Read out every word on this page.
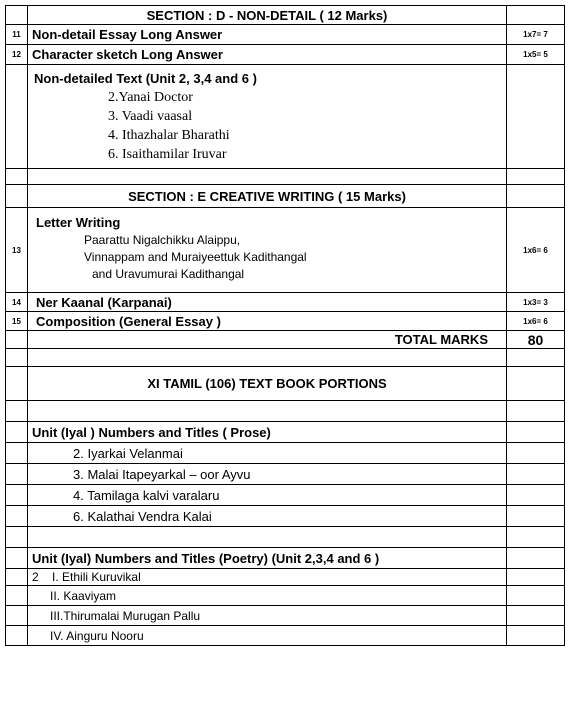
	SECTION : D - NON-DETAIL ( 12 Marks)	
11	Non-detail Essay Long Answer	1x7= 7
12	Character sketch Long Answer	1x5= 5

	Non-detailed Text (Unit 2, 3,4 and 6 )
2.Yanai Doctor
3. Vaadi vaasal
4. Ithazhalar Bharathi
6. Isaithamilar Iruvar	

	SECTION : E CREATIVE WRITING ( 15 Marks)	
13	Letter Writing
Paarattu Nigalchikku Alaippu,
Vinnappam and Muraiyeettuk Kadithangal
and Uravumurai Kadithangal	1x6= 6
14	Ner Kaanal (Karpanai)	1x3= 3
15	Composition (General Essay )	1x6= 6
	TOTAL MARKS	80

	XI TAMIL (106) TEXT BOOK PORTIONS	

	Unit (Iyal ) Numbers and Titles ( Prose)	
	2. Iyarkai Velanmai	
	3. Malai Itapeyarkal – oor Ayvu	
	4. Tamilaga kalvi varalaru	
	6. Kalathai Vendra Kalai	

	Unit (Iyal) Numbers and Titles (Poetry) (Unit 2,3,4 and 6 )	
	2 I. Ethili Kuruvikal	
	II. Kaaviyam	
	III.Thirumalai Murugan Pallu	
	IV. Ainguru Nooru	
